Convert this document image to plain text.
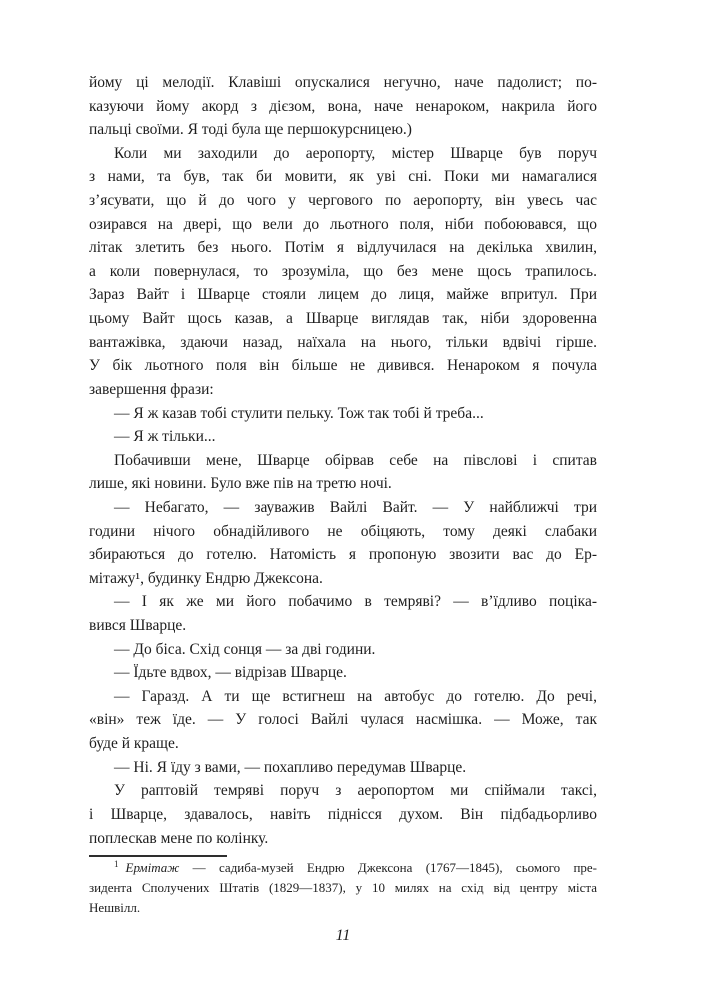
йому ці мелодії. Клавіші опускалися негучно, наче падолист; по-
казуючи йому акорд з дієзом, вона, наче ненароком, накрила його
пальці своїми. Я тоді була ще першокурсницею.)
Коли ми заходили до аеропорту, містер Шварце був поруч
з нами, та був, так би мовити, як уві сні. Поки ми намагалися
з’ясувати, що й до чого у чергового по аеропорту, він увесь час
озирався на двері, що вели до льотного поля, ніби побоювався, що
літак злетить без нього. Потім я відлучилася на декілька хвилин,
а коли повернулася, то зрозуміла, що без мене щось трапилось.
Зараз Вайт і Шварце стояли лицем до лиця, майже впритул. При
цьому Вайт щось казав, а Шварце виглядав так, ніби здоровенна
вантажівка, здаючи назад, наїхала на нього, тільки вдвічі гірше.
У бік льотного поля він більше не дивився. Ненароком я почула
завершення фрази:
— Я ж казав тобі стулити пельку. Тож так тобі й треба...
— Я ж тільки...
Побачивши мене, Шварце обірвав себе на півслові і спитав
лише, які новини. Було вже пів на третю ночі.
— Небагато, — зауважив Вайлі Вайт. — У найближчі три
години нічого обнадійливого не обіцяють, тому деякі слабаки
збираються до готелю. Натомість я пропоную звозити вас до Ер-
мітажу¹, будинку Ендрю Джексона.
— І як же ми його побачимо в темряві? — в’їдливо поціка-
вився Шварце.
— До біса. Схід сонця — за дві години.
— Їдьте вдвох, — відрізав Шварце.
— Гаразд. А ти ще встигнеш на автобус до готелю. До речі,
«він» теж їде. — У голосі Вайлі чулася насмішка. — Може, так
буде й краще.
— Ні. Я їду з вами, — похапливо передумав Шварце.
У раптовій темряві поруч з аеропортом ми спіймали таксі,
і Шварце, здавалось, навіть піднісся духом. Він підбадьорливо
поплескав мене по колінку.
$^1$ Ермітаж — садиба-музей Ендрю Джексона (1767—1845), сьомого пре-
зидента Сполучених Штатів (1829—1837), у 10 милях на схід від центру міста
Нешвілл.
11
